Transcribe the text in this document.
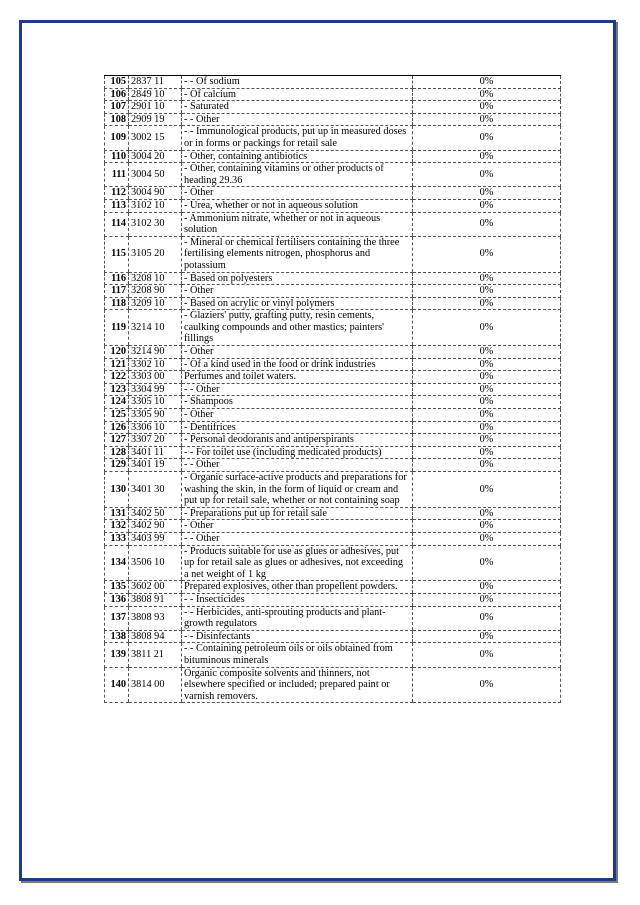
105	2837 11	- - Of sodium	0%
106	2849 10	- Of calcium	0%
107	2901 10	- Saturated	0%
108	2909 19	- - Other	0%
109	3002 15	- - Immunological products, put up in measured doses or in forms or packings for retail sale	0%
110	3004 20	- Other, containing antibiotics	0%
111	3004 50	- Other, containing vitamins or other products of heading 29.36	0%
112	3004 90	- Other	0%
113	3102 10	- Urea, whether or not in aqueous solution	0%
114	3102 30	- Ammonium nitrate, whether or not in aqueous solution	0%
115	3105 20	- Mineral or chemical fertilisers containing the three fertilising elements nitrogen, phosphorus and potassium	0%
116	3208 10	- Based on polyesters	0%
117	3208 90	- Other	0%
118	3209 10	- Based on acrylic or vinyl polymers	0%
119	3214 10	- Glaziers' putty, grafting putty, resin cements, caulking compounds and other mastics; painters' fillings	0%
120	3214 90	- Other	0%
121	3302 10	- Of a kind used in the food or drink industries	0%
122	3303 00	Perfumes and toilet waters.	0%
123	3304 99	- - Other	0%
124	3305 10	- Shampoos	0%
125	3305 90	- Other	0%
126	3306 10	- Dentifrices	0%
127	3307 20	- Personal deodorants and antiperspirants	0%
128	3401 11	- - For toilet use (including medicated products)	0%
129	3401 19	- - Other	0%
130	3401 30	- Organic surface-active products and preparations for washing the skin, in the form of liquid or cream and put up for retail sale, whether or not containing soap	0%
131	3402 50	- Preparations put up for retail sale	0%
132	3402 90	- Other	0%
133	3403 99	- - Other	0%
134	3506 10	- Products suitable for use as glues or adhesives, put up for retail sale as glues or adhesives, not exceeding a net weight of 1 kg	0%
135	3602 00	Prepared explosives, other than propellent powders.	0%
136	3808 91	- - Insecticides	0%
137	3808 93	- - Herbicides, anti-sprouting products and plant-growth regulators	0%
138	3808 94	- - Disinfectants	0%
139	3811 21	- - Containing petroleum oils or oils obtained from bituminous minerals	0%
140	3814 00	Organic composite solvents and thinners, not elsewhere specified or included; prepared paint or varnish removers.	0%
